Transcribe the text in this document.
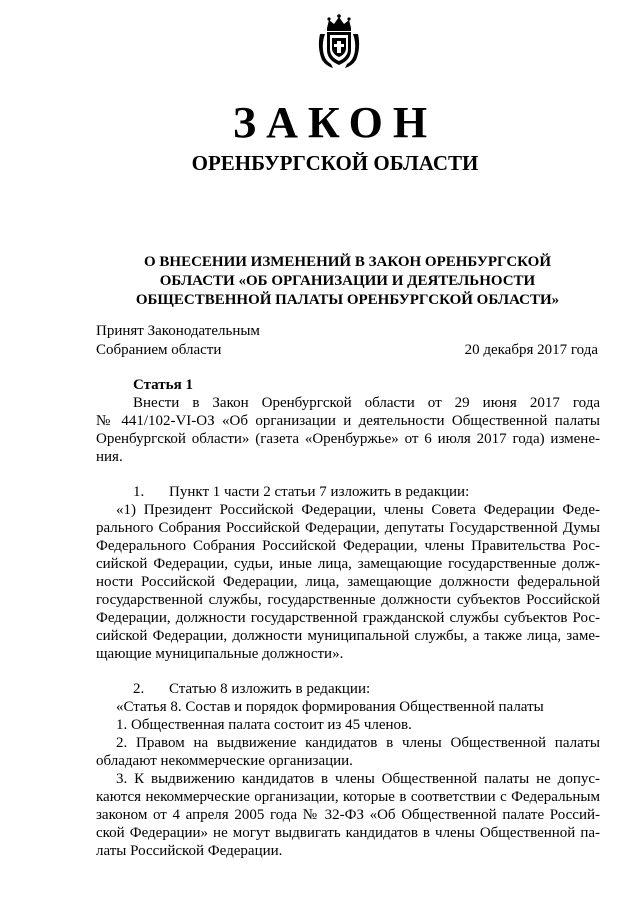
ЗАКОН
ОРЕНБУРГСКОЙ ОБЛАСТИ
О ВНЕСЕНИИ ИЗМЕНЕНИЙ В ЗАКОН ОРЕНБУРГСКОЙ
ОБЛАСТИ «ОБ ОРГАНИЗАЦИИ И ДЕЯТЕЛЬНОСТИ
ОБЩЕСТВЕННОЙ ПАЛАТЫ ОРЕНБУРГСКОЙ ОБЛАСТИ»
Принят Законодательным
Собранием области	20 декабря 2017 года
Статья 1
Внести в Закон Оренбургской области от 29 июня 2017 года
№ 441/102-VI-ОЗ «Об организации и деятельности Общественной палаты
Оренбургской области» (газета «Оренбуржье» от 6 июля 2017 года) измене-
ния.
1. Пункт 1 части 2 статьи 7 изложить в редакции:
«1) Президент Российской Федерации, члены Совета Федерации Феде-
рального Собрания Российской Федерации, депутаты Государственной Думы
Федерального Собрания Российской Федерации, члены Правительства Рос-
сийской Федерации, судьи, иные лица, замещающие государственные долж-
ности Российской Федерации, лица, замещающие должности федеральной
государственной службы, государственные должности субъектов Российской
Федерации, должности государственной гражданской службы субъектов Рос-
сийской Федерации, должности муниципальной службы, а также лица, заме-
щающие муниципальные должности».
2. Статью 8 изложить в редакции:
«Статья 8. Состав и порядок формирования Общественной палаты
1. Общественная палата состоит из 45 членов.
2. Правом на выдвижение кандидатов в члены Общественной палаты
обладают некоммерческие организации.
3. К выдвижению кандидатов в члены Общественной палаты не допус-
каются некоммерческие организации, которые в соответствии с Федеральным
законом от 4 апреля 2005 года № 32-ФЗ «Об Общественной палате Россий-
ской Федерации» не могут выдвигать кандидатов в члены Общественной па-
латы Российской Федерации.
